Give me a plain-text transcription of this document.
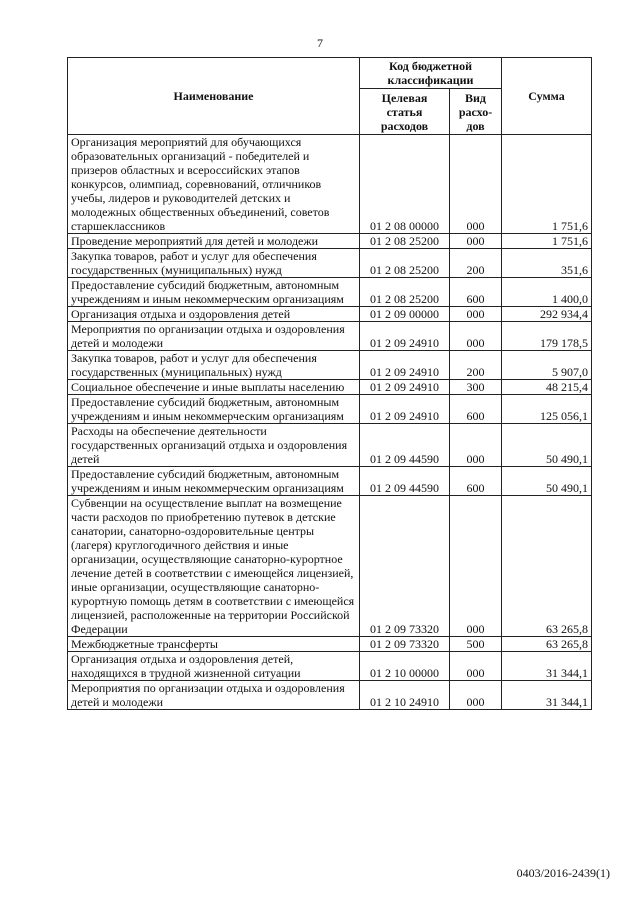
7
Наименование	Код бюджетной классификации		Сумма
	Целевая статья расходов	Вид расхо-дов	
Организация мероприятий для обучающихся образовательных организаций - победителей и призеров областных и всероссийских этапов конкурсов, олимпиад, соревнований, отличников учебы, лидеров и руководителей детских и молодежных общественных объединений, советов старшеклассников	01 2 08 00000	000	1 751,6
Проведение мероприятий для детей и молодежи	01 2 08 25200	000	1 751,6
Закупка товаров, работ и услуг для обеспечения государственных (муниципальных) нужд	01 2 08 25200	200	351,6
Предоставление субсидий бюджетным, автономным учреждениям и иным некоммерческим организациям	01 2 08 25200	600	1 400,0
Организация отдыха и оздоровления детей	01 2 09 00000	000	292 934,4
Мероприятия по организации отдыха и оздоровления детей и молодежи	01 2 09 24910	000	179 178,5
Закупка товаров, работ и услуг для обеспечения государственных (муниципальных) нужд	01 2 09 24910	200	5 907,0
Социальное обеспечение и иные выплаты населению	01 2 09 24910	300	48 215,4
Предоставление субсидий бюджетным, автономным учреждениям и иным некоммерческим организациям	01 2 09 24910	600	125 056,1
Расходы на обеспечение деятельности государственных организаций отдыха и оздоровления детей	01 2 09 44590	000	50 490,1
Предоставление субсидий бюджетным, автономным учреждениям и иным некоммерческим организациям	01 2 09 44590	600	50 490,1
Субвенции на осуществление выплат на возмещение части расходов по приобретению путевок в детские санатории, санаторно-оздоровительные центры (лагеря) круглогодичного действия и иные организации, осуществляющие санаторно-курортное лечение детей в соответствии с имеющейся лицензией, иные организации, осуществляющие санаторно-курортную помощь детям в соответствии с имеющейся лицензией, расположенные на территории Российской Федерации	01 2 09 73320	000	63 265,8
Межбюджетные трансферты	01 2 09 73320	500	63 265,8
Организация отдыха и оздоровления детей, находящихся в трудной жизненной ситуации	01 2 10 00000	000	31 344,1
Мероприятия по организации отдыха и оздоровления детей и молодежи	01 2 10 24910	000	31 344,1
0403/2016-2439(1)
